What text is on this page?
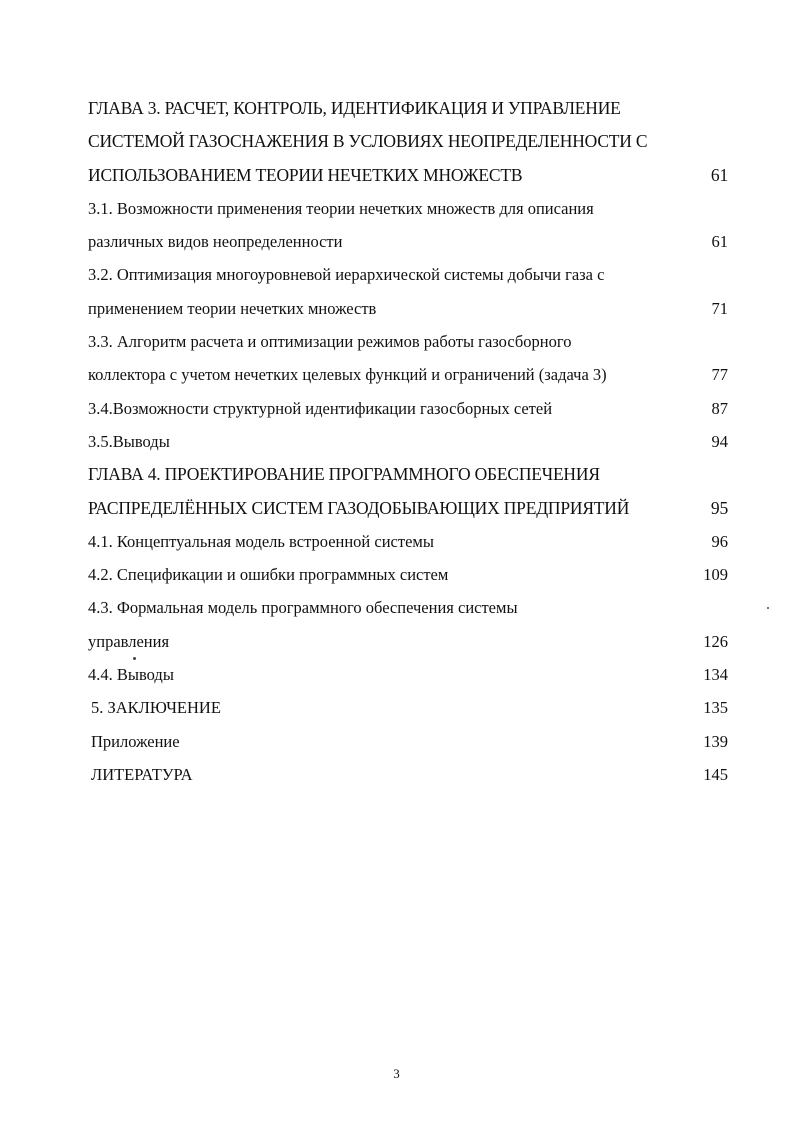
ГЛАВА 3. РАСЧЕТ, КОНТРОЛЬ, ИДЕНТИФИКАЦИЯ И УПРАВЛЕНИЕ
СИСТЕМОЙ ГАЗОСНАЖЕНИЯ В УСЛОВИЯХ НЕОПРЕДЕЛЕННОСТИ С
ИСПОЛЬЗОВАНИЕМ ТЕОРИИ НЕЧЕТКИХ МНОЖЕСТВ	61
3.1. Возможности применения теории нечетких множеств для описания
различных видов неопределенности	61
3.2. Оптимизация многоуровневой иерархической системы добычи газа с
применением теории нечетких множеств	71
3.3. Алгоритм расчета и оптимизации режимов работы газосборного
коллектора с учетом нечетких целевых функций и ограничений (задача 3)	77
3.4.Возможности структурной идентификации газосборных сетей	87
3.5.Выводы	94
ГЛАВА 4. ПРОЕКТИРОВАНИЕ ПРОГРАММНОГО ОБЕСПЕЧЕНИЯ
РАСПРЕДЕЛЁННЫХ СИСТЕМ ГАЗОДОБЫВАЮЩИХ ПРЕДПРИЯТИЙ	95
4.1. Концептуальная модель встроенной системы	96
4.2. Спецификации и ошибки программных систем	109
4.3. Формальная модель программного обеспечения системы
управления	126
4.4. Выводы	134
5. ЗАКЛЮЧЕНИЕ	135
Приложение	139
ЛИТЕРАТУРА	145
3
